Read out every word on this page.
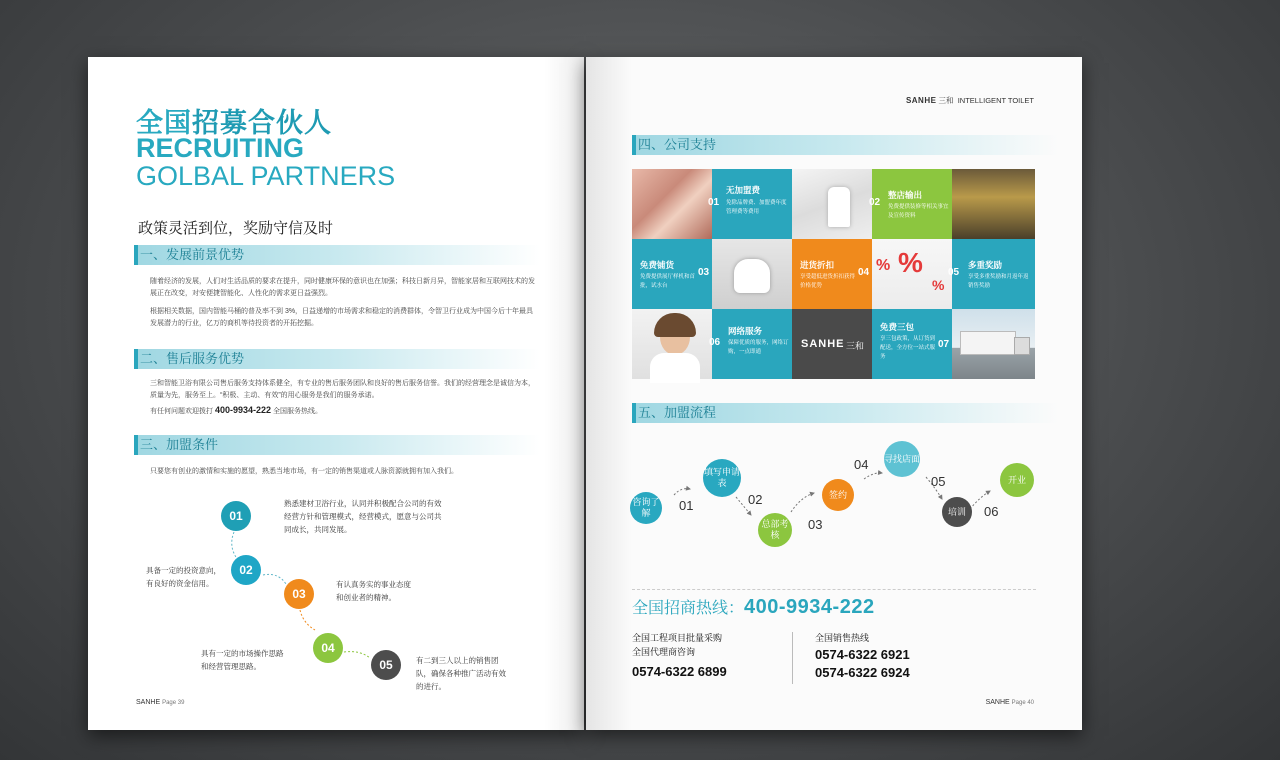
全国招募合伙人
RECRUITING
GOLBAL PARTNERS
政策灵活到位，奖励守信及时
一、发展前景优势
随着经济的发展，人们对生活品质的要求在提升，同时健康环保的意识也在加强；科技日新月异，智能家居和互联网技术的发展正在改变，对安便捷智能化、人性化的需求更日益强烈。
根据相关数据，国内智能马桶的普及率不到 3%，日益递增的市场需求和稳定的消费群体，令智卫行业成为中国今后十年最具发展潜力的行业，亿万的商机等待投资者的开拓挖掘。
二、售后服务优势
三和智能卫浴有限公司售后服务支持体系健全，有专业的售后服务团队和良好的售后服务信誉。我们的经营理念是诚信为本，质量为先，服务至上。“积极、主动、有效”的用心服务是我们的服务承诺。
有任何问题欢迎拨打 400-9934-222 全国服务热线。
三、加盟条件
只要您有创业的激情和实施的愿望，熟悉当地市场，有一定的销售渠道或人脉资源就拥有加入我们。
01
熟悉建材卫浴行业，认同并积极配合公司的有效经营方针和管理模式，经营模式，愿意与公司共同成长，共同发展。
02
具备一定的投资意向，有良好的资金信用。
03
有认真务实的事业态度和创业者的精神。
04
具有一定的市场操作思路和经营管理思路。	05	有二到三人以上的销售团队，确保各种推广活动有效的进行。
SANHE Page 39
SANHE 三和 INTELLIGENT TOILET
四、公司支持
01
无加盟费
免除品牌费、加盟费年度管理费等费用
02
整店输出
免费提供装修等相关事宜及宣传资料
03
免费铺货
免费提供展厅样机和首批，试水台
04
进货折扣
享受超低进货折扣获得价格优势
%
%
%
05
多重奖励
享受多重奖励和月返年返销售奖励
06
网络服务
保障优质的服务，网络订购，一点即通
SANHE 三和	07
免费三包
享三包政策，从订货到配送，全方位一站式服务
五、加盟流程
咨询了解	01
填写申请表
02
总部考核
03
签约
04 寻找店面
05
培训	06
开业
全国招商热线：400-9934-222
全国工程项目批量采购
全国代理商咨询
0574-6322 6899
全国销售热线
0574-6322 6921
0574-6322 6924
SANHE Page 40
